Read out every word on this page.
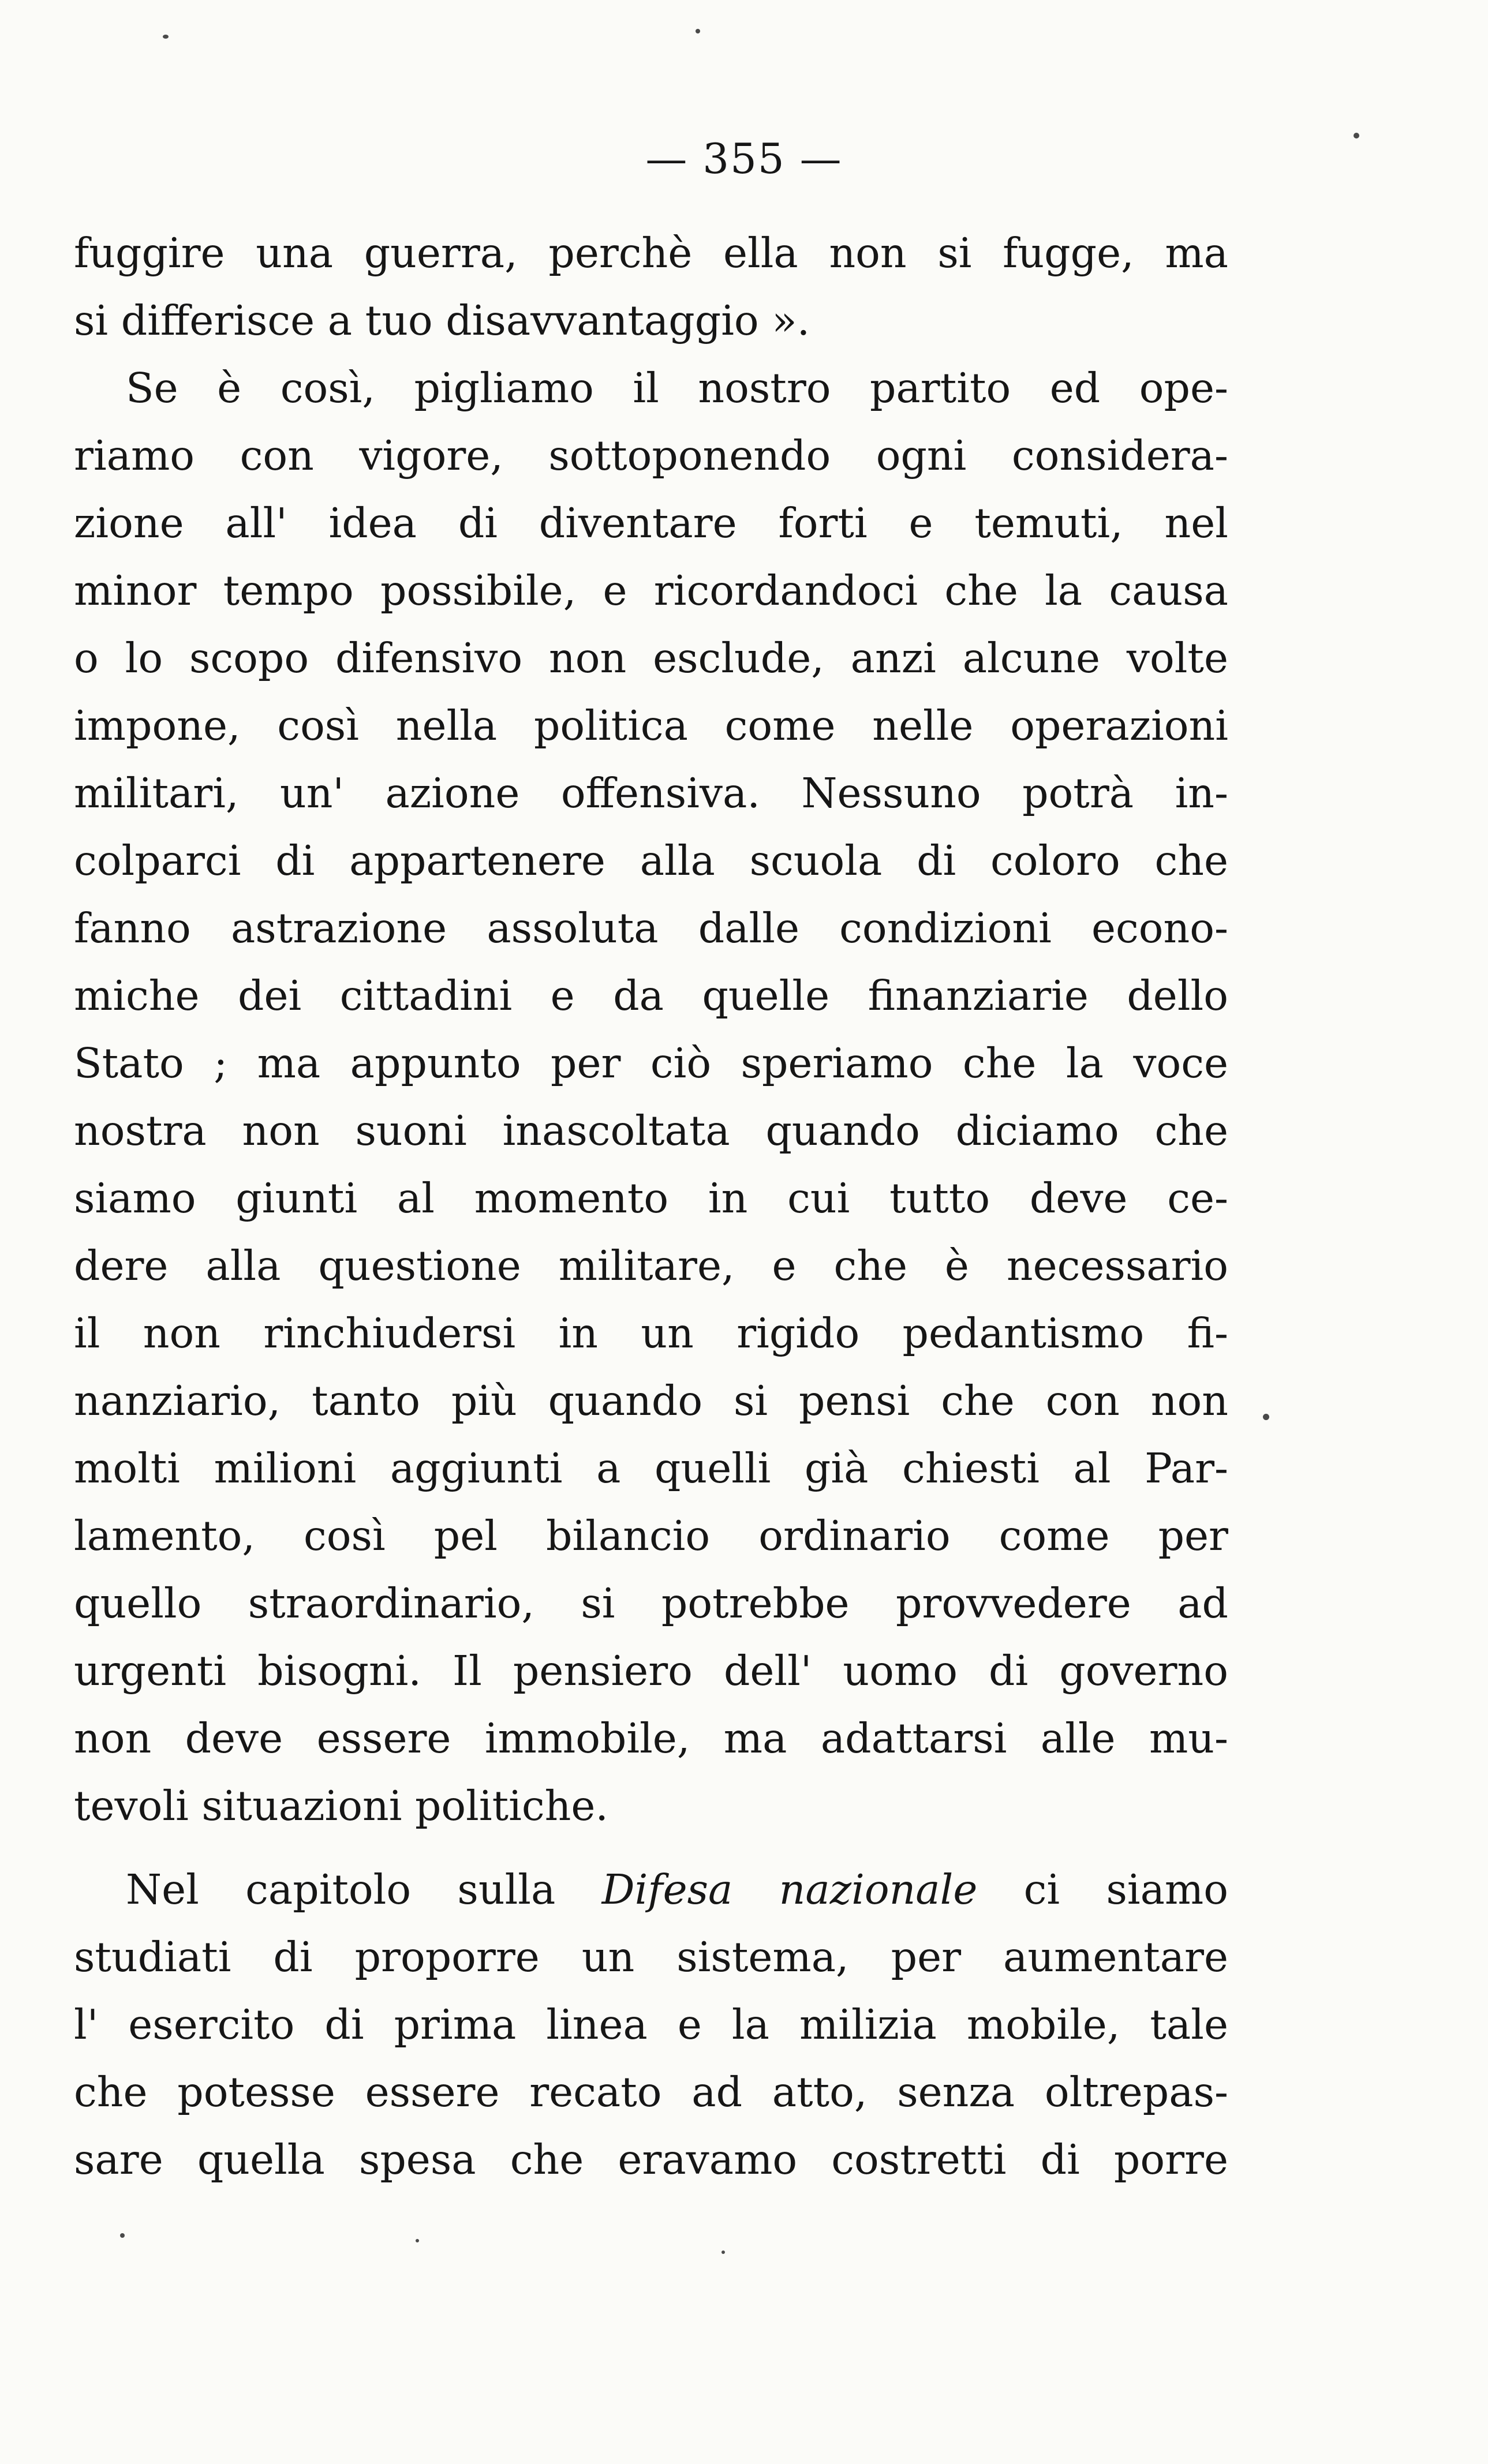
— 355 —
fuggire una guerra, perchè ella non si fugge, ma
si differisce a tuo disavvantaggio ».
Se è così, pigliamo il nostro partito ed ope-
riamo con vigore, sottoponendo ogni considera-
zione all' idea di diventare forti e temuti, nel
minor tempo possibile, e ricordandoci che la causa
o lo scopo difensivo non esclude, anzi alcune volte
impone, così nella politica come nelle operazioni
militari, un' azione offensiva. Nessuno potrà in-
colparci di appartenere alla scuola di coloro che
fanno astrazione assoluta dalle condizioni econo-
miche dei cittadini e da quelle finanziarie dello
Stato ; ma appunto per ciò speriamo che la voce
nostra non suoni inascoltata quando diciamo che
siamo giunti al momento in cui tutto deve ce-
dere alla questione militare, e che è necessario
il non rinchiudersi in un rigido pedantismo fi-
nanziario, tanto più quando si pensi che con non
molti milioni aggiunti a quelli già chiesti al Par-
lamento, così pel bilancio ordinario come per
quello straordinario, si potrebbe provvedere ad
urgenti bisogni. Il pensiero dell' uomo di governo
non deve essere immobile, ma adattarsi alle mu-
tevoli situazioni politiche.
Nel capitolo sulla Difesa nazionale ci siamo
studiati di proporre un sistema, per aumentare
l' esercito di prima linea e la milizia mobile, tale
che potesse essere recato ad atto, senza oltrepas-
sare quella spesa che eravamo costretti di porre
